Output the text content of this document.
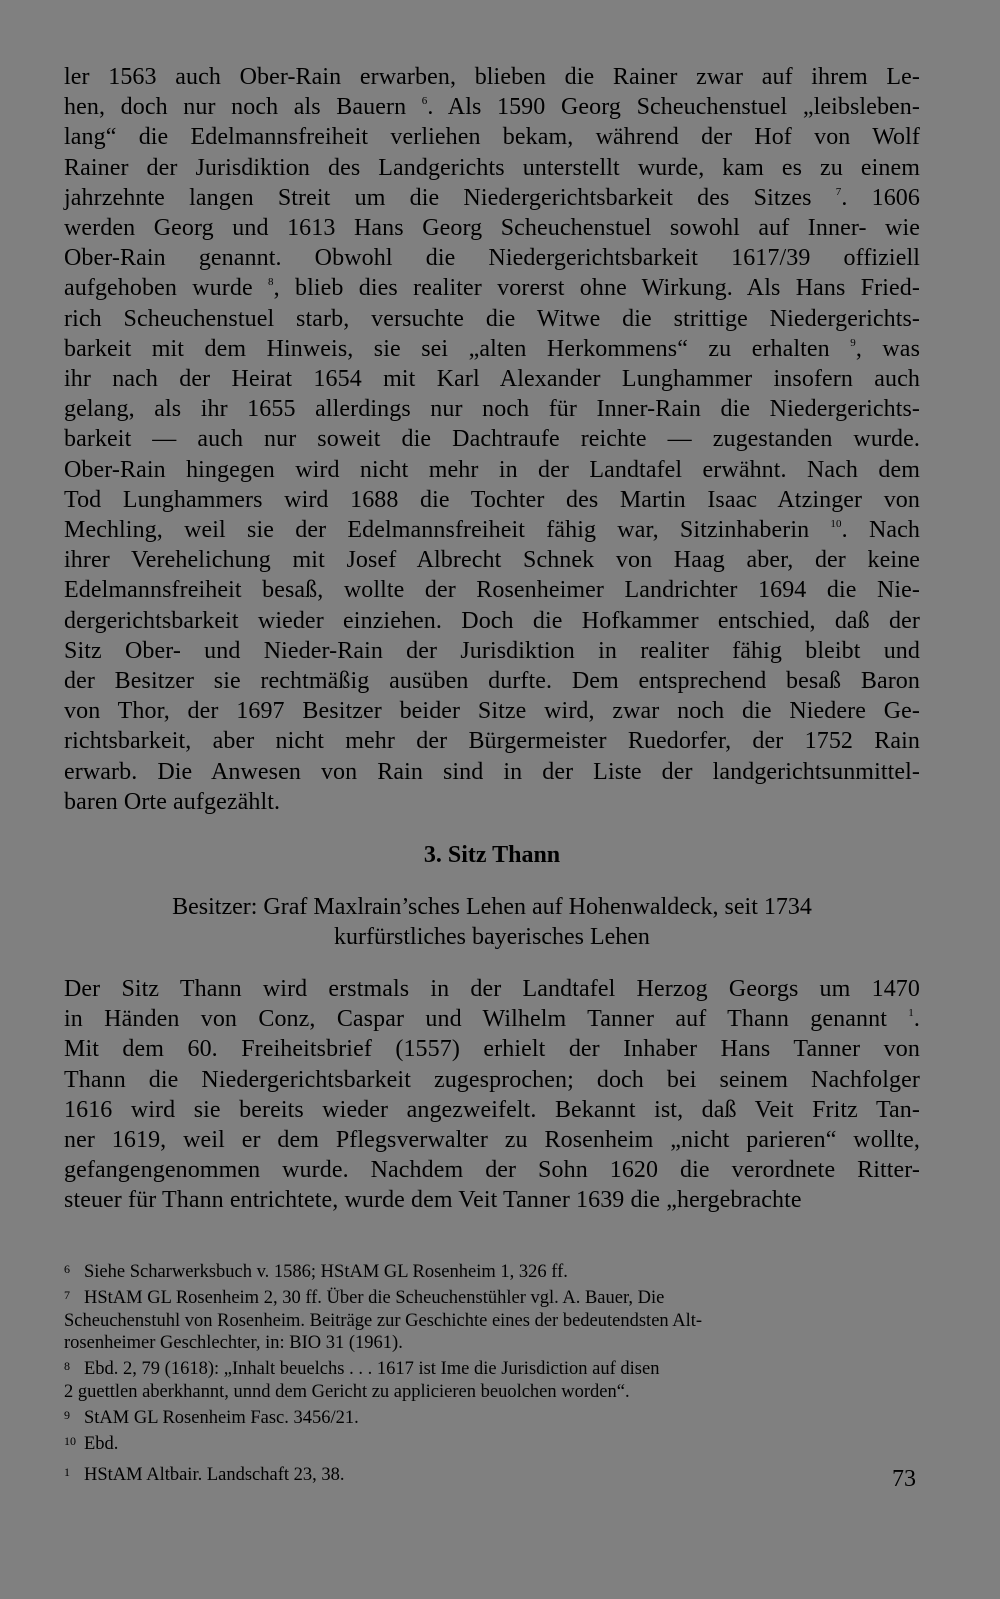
ler 1563 auch Ober-Rain erwarben, blieben die Rainer zwar auf ihrem Le-
hen, doch nur noch als Bauern $^6$. Als 1590 Georg Scheuchenstuel „leibsleben-
lang“ die Edelmannsfreiheit verliehen bekam, während der Hof von Wolf
Rainer der Jurisdiktion des Landgerichts unterstellt wurde, kam es zu einem
jahrzehnte langen Streit um die Niedergerichtsbarkeit des Sitzes $^7$. 1606
werden Georg und 1613 Hans Georg Scheuchenstuel sowohl auf Inner- wie
Ober-Rain genannt. Obwohl die Niedergerichtsbarkeit 1617/39 offiziell
aufgehoben wurde $^8$, blieb dies realiter vorerst ohne Wirkung. Als Hans Fried-
rich Scheuchenstuel starb, versuchte die Witwe die strittige Niedergerichts-
barkeit mit dem Hinweis, sie sei „alten Herkommens“ zu erhalten $^9$, was
ihr nach der Heirat 1654 mit Karl Alexander Lunghammer insofern auch
gelang, als ihr 1655 allerdings nur noch für Inner-Rain die Niedergerichts-
barkeit — auch nur soweit die Dachtraufe reichte — zugestanden wurde.
Ober-Rain hingegen wird nicht mehr in der Landtafel erwähnt. Nach dem
Tod Lunghammers wird 1688 die Tochter des Martin Isaac Atzinger von
Mechling, weil sie der Edelmannsfreiheit fähig war, Sitzinhaberin $^{10}$. Nach
ihrer Verehelichung mit Josef Albrecht Schnek von Haag aber, der keine
Edelmannsfreiheit besaß, wollte der Rosenheimer Landrichter 1694 die Nie-
dergerichtsbarkeit wieder einziehen. Doch die Hofkammer entschied, daß der
Sitz Ober- und Nieder-Rain der Jurisdiktion in realiter fähig bleibt und
der Besitzer sie rechtmäßig ausüben durfte. Dem entsprechend besaß Baron
von Thor, der 1697 Besitzer beider Sitze wird, zwar noch die Niedere Ge-
richtsbarkeit, aber nicht mehr der Bürgermeister Ruedorfer, der 1752 Rain
erwarb. Die Anwesen von Rain sind in der Liste der landgerichtsunmittel-
baren Orte aufgezählt.
3. Sitz Thann
Besitzer: Graf Maxlrain’sches Lehen auf Hohenwaldeck, seit 1734
kurfürstliches bayerisches Lehen
Der Sitz Thann wird erstmals in der Landtafel Herzog Georgs um 1470
in Händen von Conz, Caspar und Wilhelm Tanner auf Thann genannt $^1$.
Mit dem 60. Freiheitsbrief (1557) erhielt der Inhaber Hans Tanner von
Thann die Niedergerichtsbarkeit zugesprochen; doch bei seinem Nachfolger
1616 wird sie bereits wieder angezweifelt. Bekannt ist, daß Veit Fritz Tan-
ner 1619, weil er dem Pflegsverwalter zu Rosenheim „nicht parieren“ wollte,
gefangengenommen wurde. Nachdem der Sohn 1620 die verordnete Ritter-
steuer für Thann entrichtete, wurde dem Veit Tanner 1639 die „hergebrachte
6 Siehe Scharwerksbuch v. 1586; HStAM GL Rosenheim 1, 326 ff.
7 HStAM GL Rosenheim 2, 30 ff. Über die Scheuchenstühler vgl. A. Bauer, Die
Scheuchenstuhl von Rosenheim. Beiträge zur Geschichte eines der bedeutendsten Alt-
rosenheimer Geschlechter, in: BIO 31 (1961).
8 Ebd. 2, 79 (1618): „Inhalt beuelchs . . . 1617 ist Ime die Jurisdiction auf disen
2 guettlen aberkhannt, unnd dem Gericht zu applicieren beuolchen worden“.
9 StAM GL Rosenheim Fasc. 3456/21.
10 Ebd.
1 HStAM Altbair. Landschaft 23, 38.	73
